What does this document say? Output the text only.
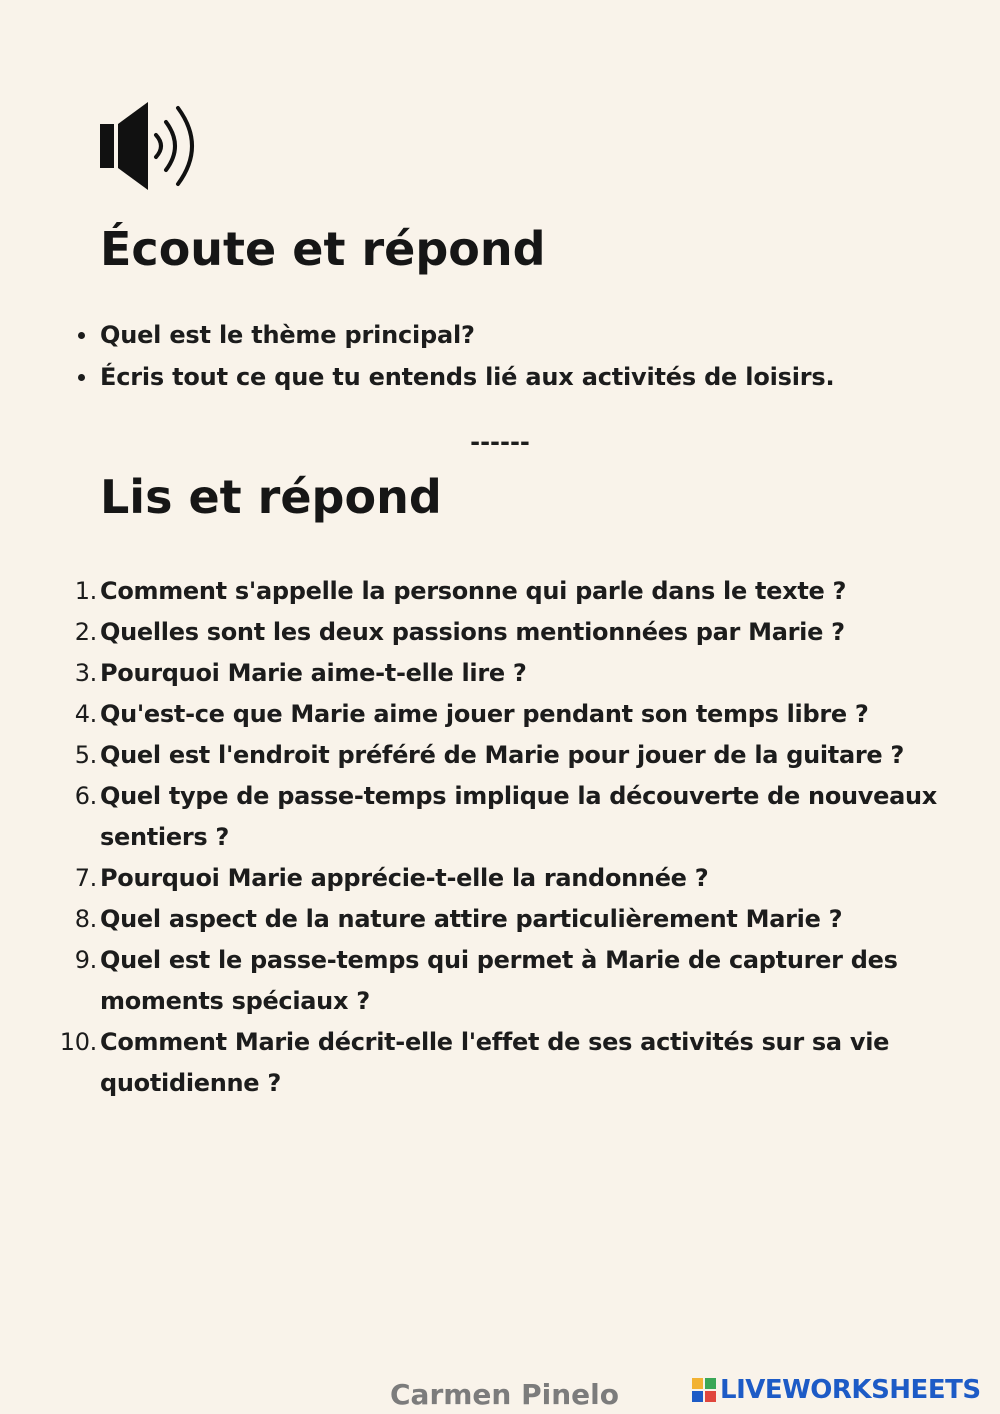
Écoute et répond
Quel est le thème principal?
Écris tout ce que tu entends lié aux activités de loisirs.
------
Lis et répond
1. Comment s'appelle la personne qui parle dans le texte ?
2. Quelles sont les deux passions mentionnées par Marie ?
3. Pourquoi Marie aime-t-elle lire ?
4. Qu'est-ce que Marie aime jouer pendant son temps libre ?
5. Quel est l'endroit préféré de Marie pour jouer de la guitare ?
6. Quel type de passe-temps implique la découverte de nouveaux sentiers ?
7. Pourquoi Marie apprécie-t-elle la randonnée ?
8. Quel aspect de la nature attire particulièrement Marie ?
9. Quel est le passe-temps qui permet à Marie de capturer des moments spéciaux ?
10. Comment Marie décrit-elle l'effet de ses activités sur sa vie quotidienne ?
Carmen Pinelo	LIVEWORKSHEETS
